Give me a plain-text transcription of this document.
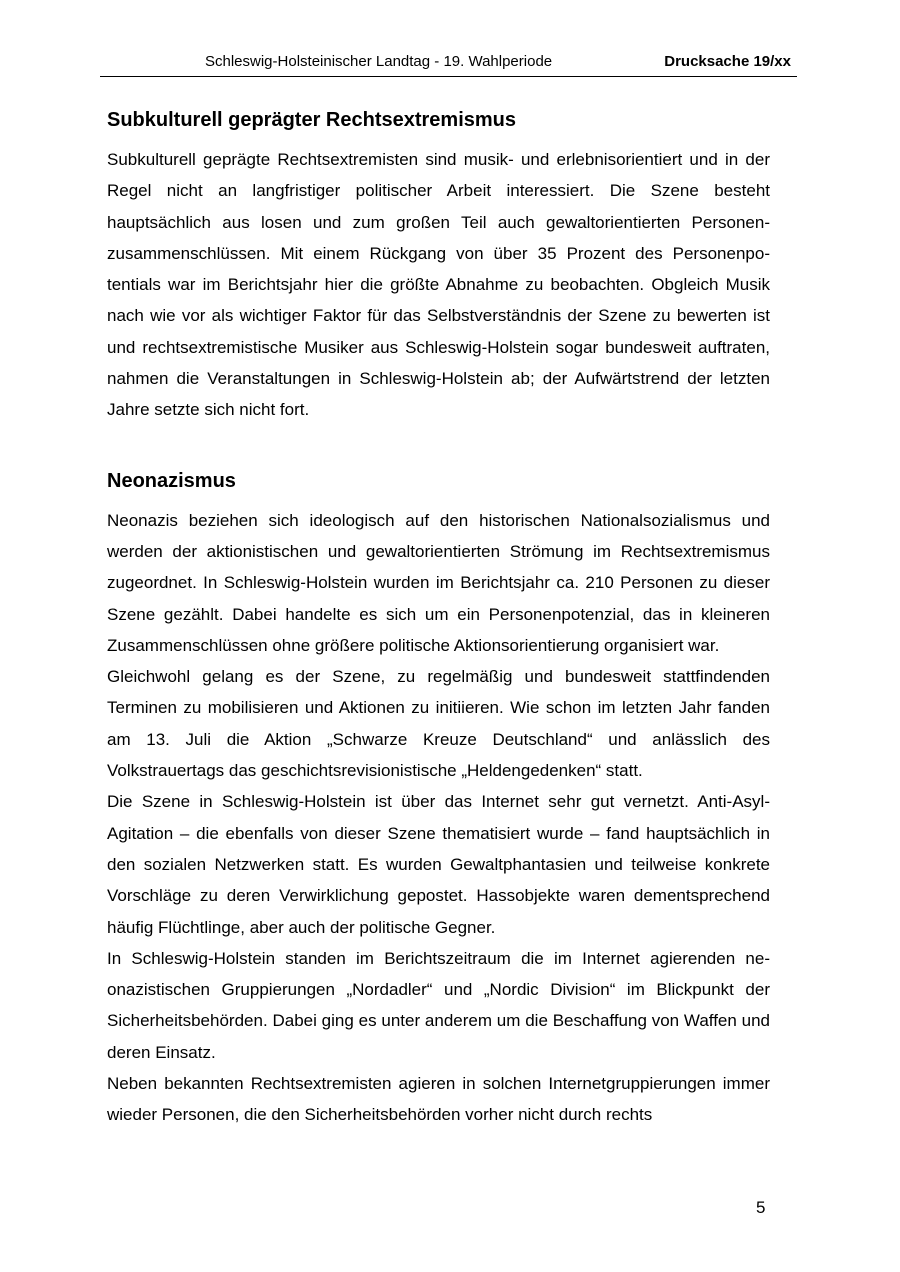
Schleswig-Holsteinischer Landtag - 19. Wahlperiode	Drucksache 19/xx
Subkulturell geprägter Rechtsextremismus

Subkulturell geprägte Rechtsextremisten sind musik- und erlebnisorientiert und in der Regel nicht an langfristiger politischer Arbeit interessiert. Die Szene besteht hauptsächlich aus losen und zum großen Teil auch gewaltorientierten Personenzusammenschlüssen. Mit einem Rückgang von über 35 Prozent des Personenpotentials war im Berichtsjahr hier die größte Abnahme zu beobachten. Obgleich Musik nach wie vor als wichtiger Faktor für das Selbstverständnis der Szene zu bewerten ist und rechtsextremistische Musiker aus Schleswig-Holstein sogar bundesweit auftraten, nahmen die Veranstaltungen in Schleswig-Holstein ab; der Aufwärtstrend der letzten Jahre setzte sich nicht fort.

Neonazismus

Neonazis beziehen sich ideologisch auf den historischen Nationalsozialismus und werden der aktionistischen und gewaltorientierten Strömung im Rechtsextremismus zugeordnet. In Schleswig-Holstein wurden im Berichtsjahr ca. 210 Personen zu dieser Szene gezählt. Dabei handelte es sich um ein Personenpotenzial, das in kleineren Zusammenschlüssen ohne größere politische Aktionsorientierung organisiert war.

Gleichwohl gelang es der Szene, zu regelmäßig und bundesweit stattfindenden Terminen zu mobilisieren und Aktionen zu initiieren. Wie schon im letzten Jahr fanden am 13. Juli die Aktion „Schwarze Kreuze Deutschland“ und anlässlich des Volkstrauertags das geschichtsrevisionistische „Heldengedenken“ statt.

Die Szene in Schleswig-Holstein ist über das Internet sehr gut vernetzt. Anti-Asyl-Agitation – die ebenfalls von dieser Szene thematisiert wurde – fand hauptsächlich in den sozialen Netzwerken statt. Es wurden Gewaltphantasien und teilweise konkrete Vorschläge zu deren Verwirklichung gepostet. Hassobjekte waren dementsprechend häufig Flüchtlinge, aber auch der politische Gegner.

In Schleswig-Holstein standen im Berichtszeitraum die im Internet agierenden neonazistischen Gruppierungen „Nordadler“ und „Nordic Division“ im Blickpunkt der Sicherheitsbehörden. Dabei ging es unter anderem um die Beschaffung von Waffen und deren Einsatz.

Neben bekannten Rechtsextremisten agieren in solchen Internetgruppierungen immer wieder Personen, die den Sicherheitsbehörden vorher nicht durch rechts

5
